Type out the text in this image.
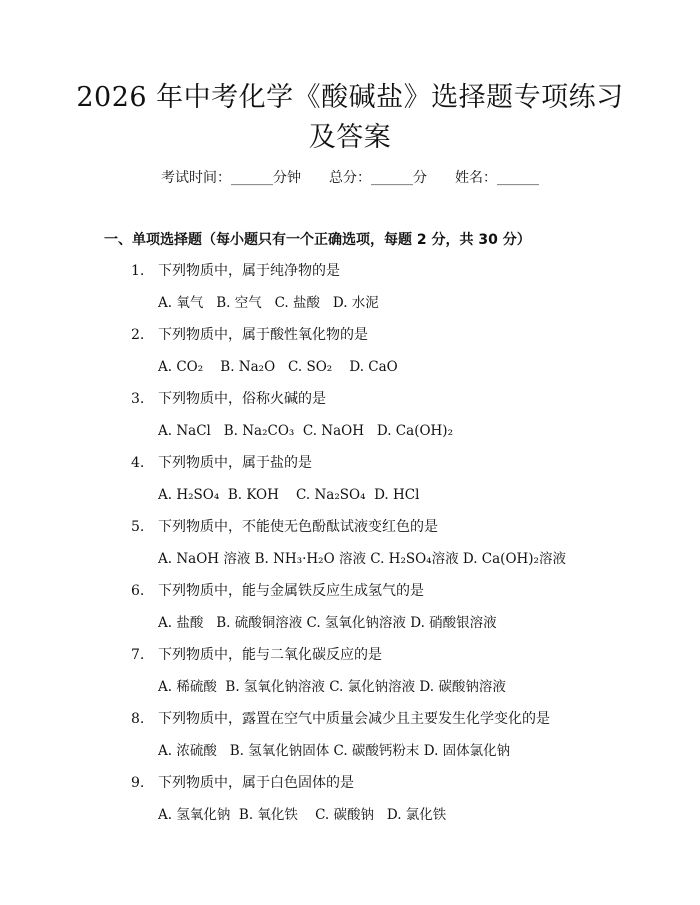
2026 年中考化学《酸碱盐》选择题专项练习
及答案
考试时间：______分钟 总分：______分 姓名：______
一、单项选择题（每小题只有一个正确选项，每题 2 分，共 30 分）
1. 下列物质中，属于纯净物的是
A. 氧气   B. 空气   C. 盐酸   D. 水泥
2. 下列物质中，属于酸性氧化物的是
A. CO₂    B. Na₂O   C. SO₂    D. CaO
3. 下列物质中，俗称火碱的是
A. NaCl   B. Na₂CO₃  C. NaOH   D. Ca(OH)₂
4. 下列物质中，属于盐的是
A. H₂SO₄  B. KOH    C. Na₂SO₄  D. HCl
5. 下列物质中，不能使无色酚酞试液变红色的是
A. NaOH 溶液 B. NH₃·H₂O 溶液 C. H₂SO₄溶液 D. Ca(OH)₂溶液
6. 下列物质中，能与金属铁反应生成氢气的是
A. 盐酸   B. 硫酸铜溶液 C. 氢氧化钠溶液 D. 硝酸银溶液
7. 下列物质中，能与二氧化碳反应的是
A. 稀硫酸  B. 氢氧化钠溶液 C. 氯化钠溶液 D. 碳酸钠溶液
8. 下列物质中，露置在空气中质量会减少且主要发生化学变化的是
A. 浓硫酸   B. 氢氧化钠固体 C. 碳酸钙粉末 D. 固体氯化钠
9. 下列物质中，属于白色固体的是
A. 氢氧化钠  B. 氧化铁    C. 碳酸钠   D. 氯化铁
